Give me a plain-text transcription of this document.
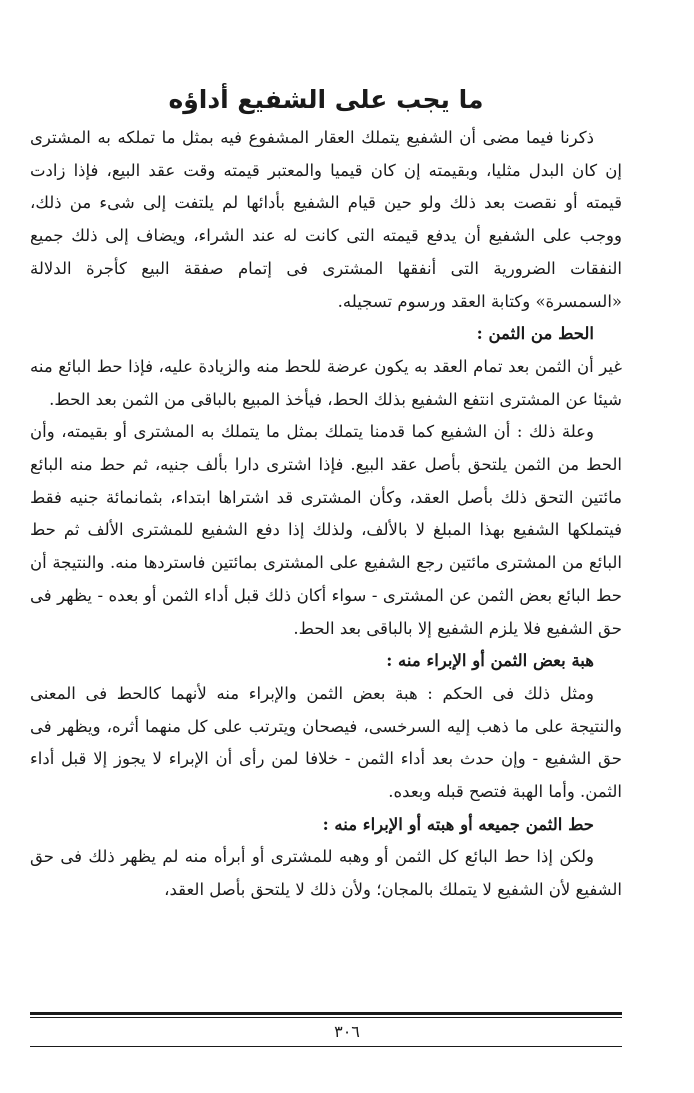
ما يجب على الشفيع أداؤه

ذكرنا فيما مضى أن الشفيع يتملك العقار المشفوع فيه بمثل ما تملكه به المشترى إن كان البدل مثليا، وبقيمته إن كان قيميا والمعتبر قيمته وقت عقد البيع، فإذا زادت قيمته أو نقصت بعد ذلك ولو حين قيام الشفيع بأدائها لم يلتفت إلى شىء من ذلك، ووجب على الشفيع أن يدفع قيمته التى كانت له عند الشراء، ويضاف إلى ذلك جميع النفقات الضرورية التى أنفقها المشترى فى إتمام صفقة البيع كأجرة الدلالة «السمسرة» وكتابة العقد ورسوم تسجيله.

الحط من الثمن :

غير أن الثمن بعد تمام العقد به يكون عرضة للحط منه والزيادة عليه، فإذا حط البائع منه شيئا عن المشترى انتفع الشفيع بذلك الحط، فيأخذ المبيع بالباقى من الثمن بعد الحط.

وعلة ذلك : أن الشفيع كما قدمنا يتملك بمثل ما يتملك به المشترى أو بقيمته، وأن الحط من الثمن يلتحق بأصل عقد البيع. فإذا اشترى دارا بألف جنيه، ثم حط منه البائع مائتين التحق ذلك بأصل العقد، وكأن المشترى قد اشتراها ابتداء، بثمانمائة جنيه فقط فيتملكها الشفيع بهذا المبلغ لا بالألف، ولذلك إذا دفع الشفيع للمشترى الألف ثم حط البائع من المشترى مائتين رجع الشفيع على المشترى بمائتين فاستردها منه. والنتيجة أن حط البائع بعض الثمن عن المشترى - سواء أكان ذلك قبل أداء الثمن أو بعده - يظهر فى حق الشفيع فلا يلزم الشفيع إلا بالباقى بعد الحط.

هبة بعض الثمن أو الإبراء منه :

ومثل ذلك فى الحكم : هبة بعض الثمن والإبراء منه لأنهما كالحط فى المعنى والنتيجة على ما ذهب إليه السرخسى، فيصحان ويترتب على كل منهما أثره، ويظهر فى حق الشفيع - وإن حدث بعد أداء الثمن - خلافا لمن رأى أن الإبراء لا يجوز إلا قبل أداء الثمن. وأما الهبة فتصح قبله وبعده.

حط الثمن جميعه أو هبته أو الإبراء منه :

ولكن إذا حط البائع كل الثمن أو وهبه للمشترى أو أبرأه منه لم يظهر ذلك فى حق الشفيع لأن الشفيع لا يتملك بالمجان؛ ولأن ذلك لا يلتحق بأصل العقد،

٣٠٦
